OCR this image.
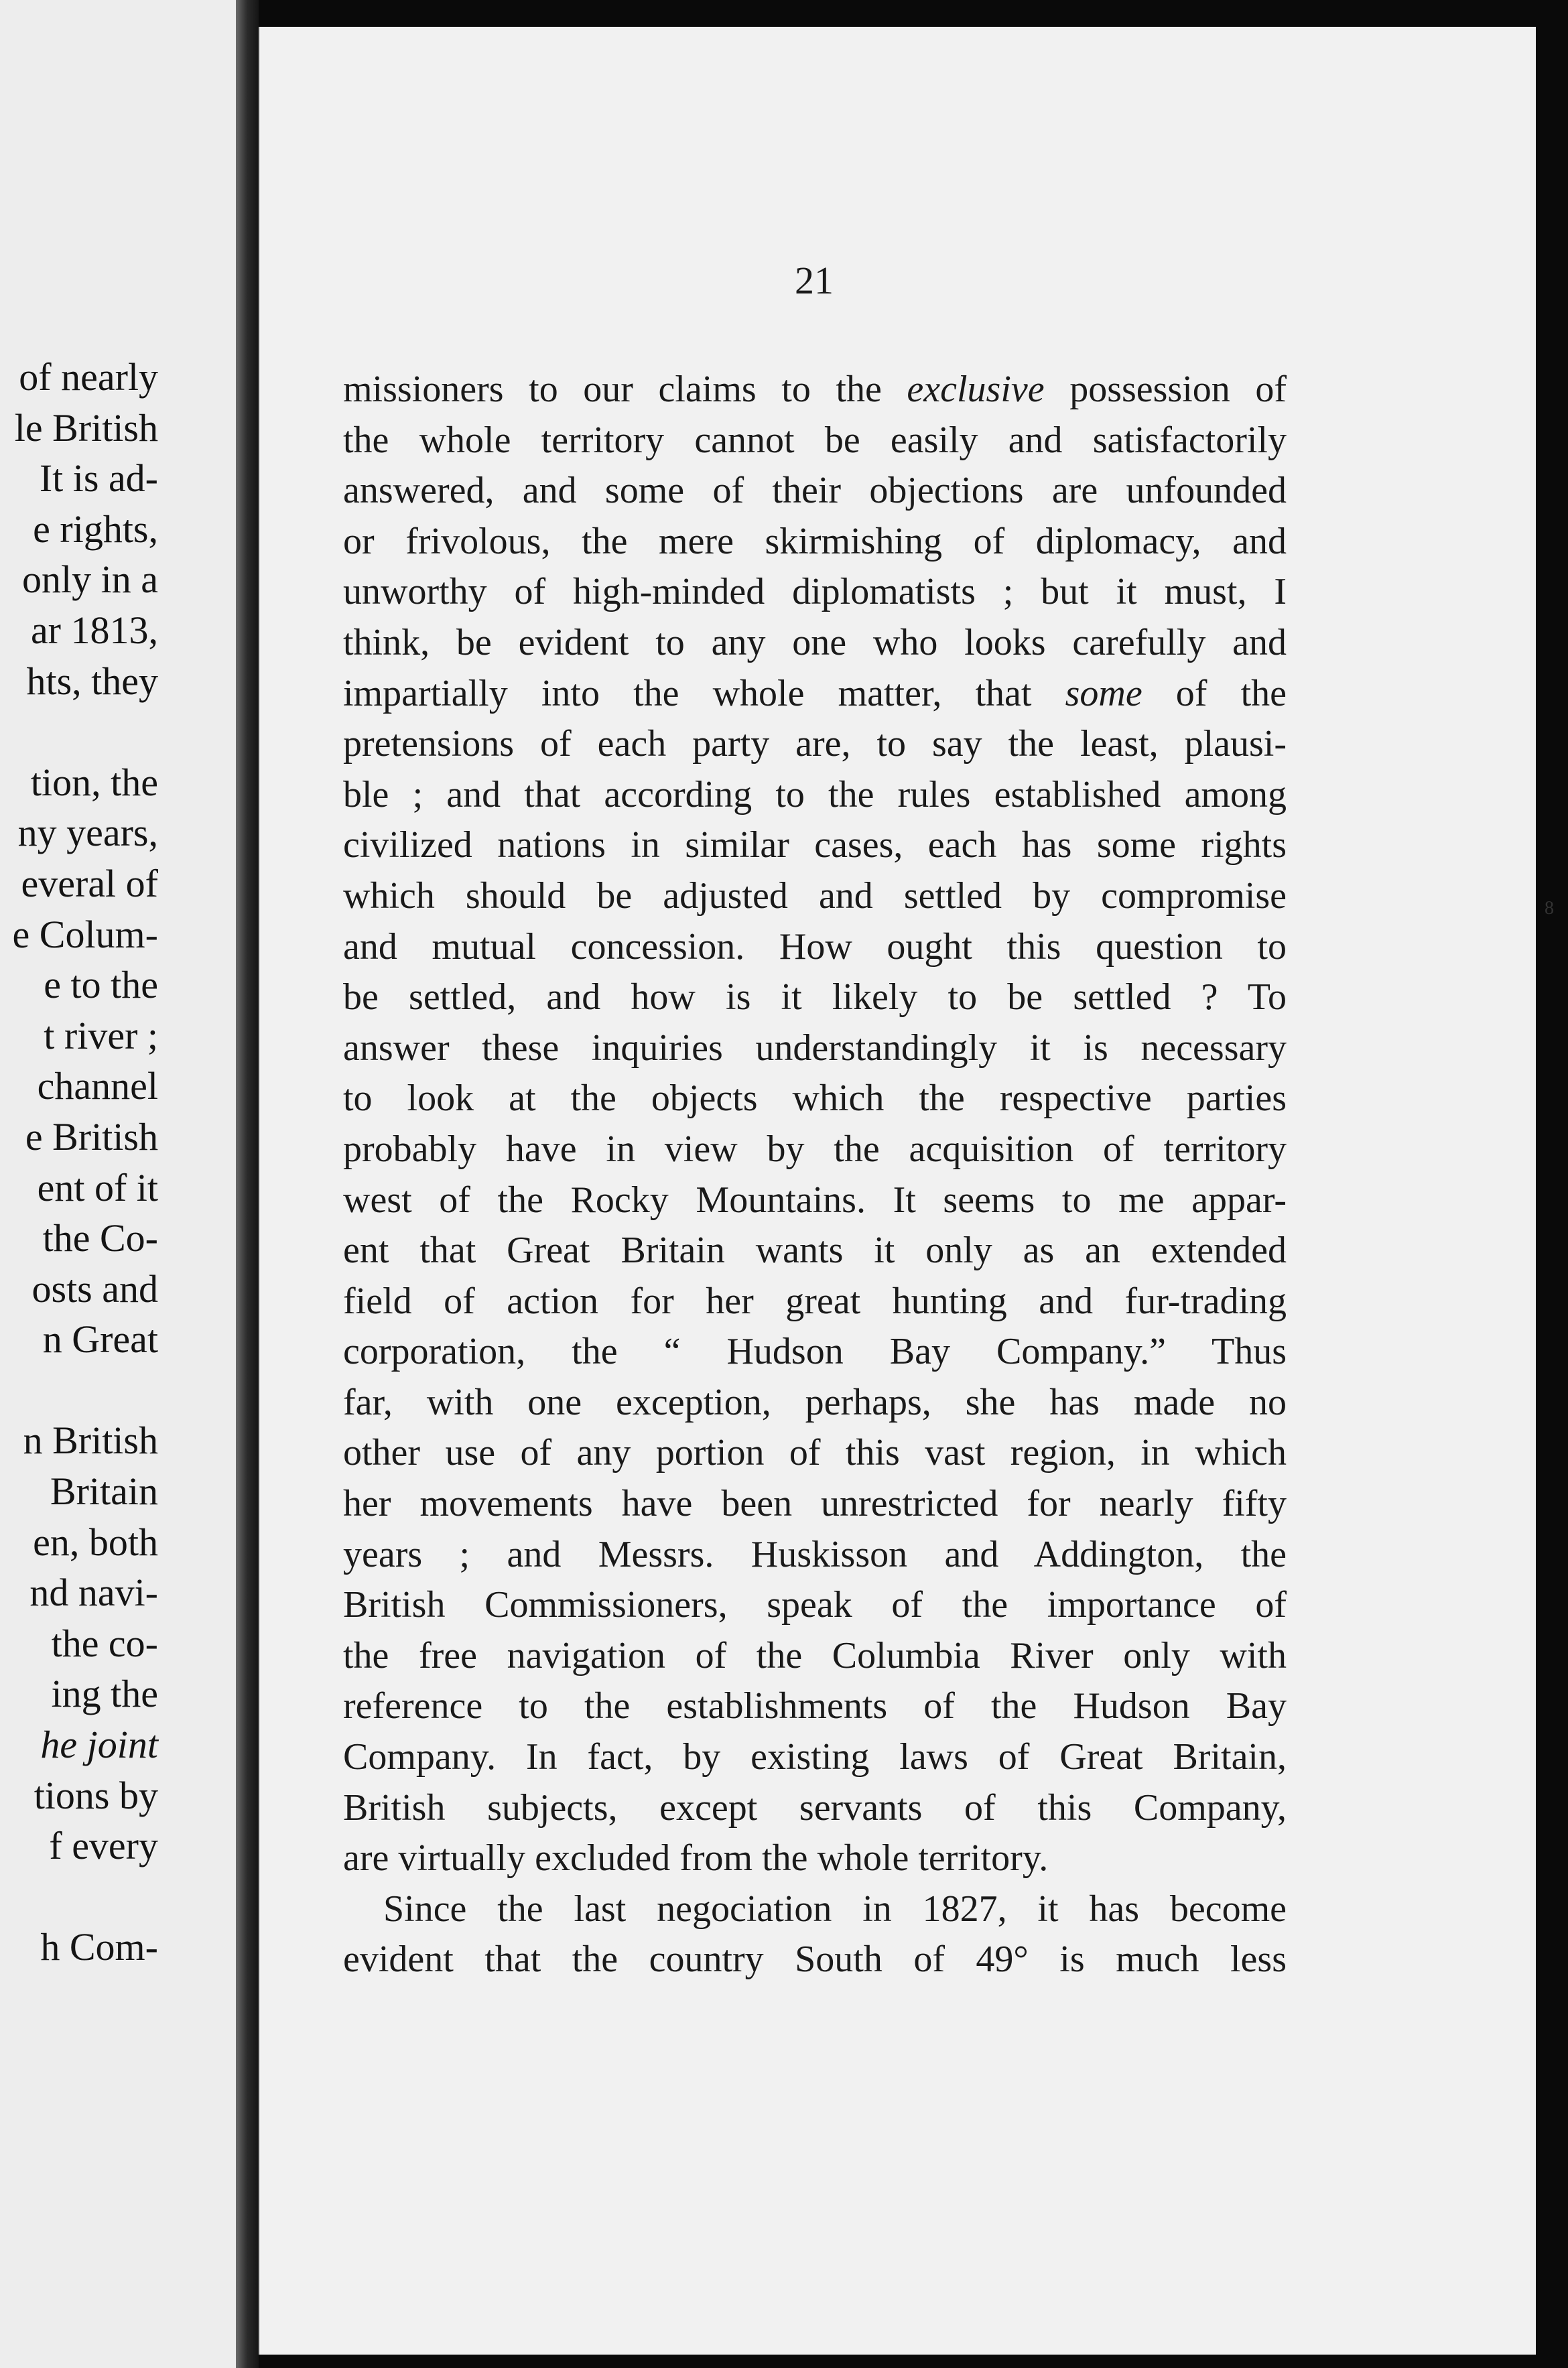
of nearly
le British
It is ad-
e rights,
only in a
ar 1813,
hts, they
tion, the
ny years,
everal of
e Colum-
e to the
t river ;
channel
e British
ent of it
the Co-
osts and
n Great
n British
Britain
en, both
nd navi-
the co-
ing the
he joint
tions by
f every
h Com-
21
missioners to our claims to the exclusive possession of
the whole territory cannot be easily and satisfactorily
answered, and some of their objections are unfounded
or frivolous, the mere skirmishing of diplomacy, and
unworthy of high-minded diplomatists ; but it must, I
think, be evident to any one who looks carefully and
impartially into the whole matter, that some of the
pretensions of each party are, to say the least, plausi-
ble ; and that according to the rules established among
civilized nations in similar cases, each has some rights
which should be adjusted and settled by compromise
and mutual concession. How ought this question to
be settled, and how is it likely to be settled ? To
answer these inquiries understandingly it is necessary
to look at the objects which the respective parties
probably have in view by the acquisition of territory
west of the Rocky Mountains. It seems to me appar-
ent that Great Britain wants it only as an extended
field of action for her great hunting and fur-trading
corporation, the “ Hudson Bay Company.” Thus
far, with one exception, perhaps, she has made no
other use of any portion of this vast region, in which
her movements have been unrestricted for nearly fifty
years ; and Messrs. Huskisson and Addington, the
British Commissioners, speak of the importance of
the free navigation of the Columbia River only with
reference to the establishments of the Hudson Bay
Company. In fact, by existing laws of Great Britain,
British subjects, except servants of this Company,
are virtually excluded from the whole territory.
Since the last negociation in 1827, it has become
evident that the country South of 49° is much less
8
